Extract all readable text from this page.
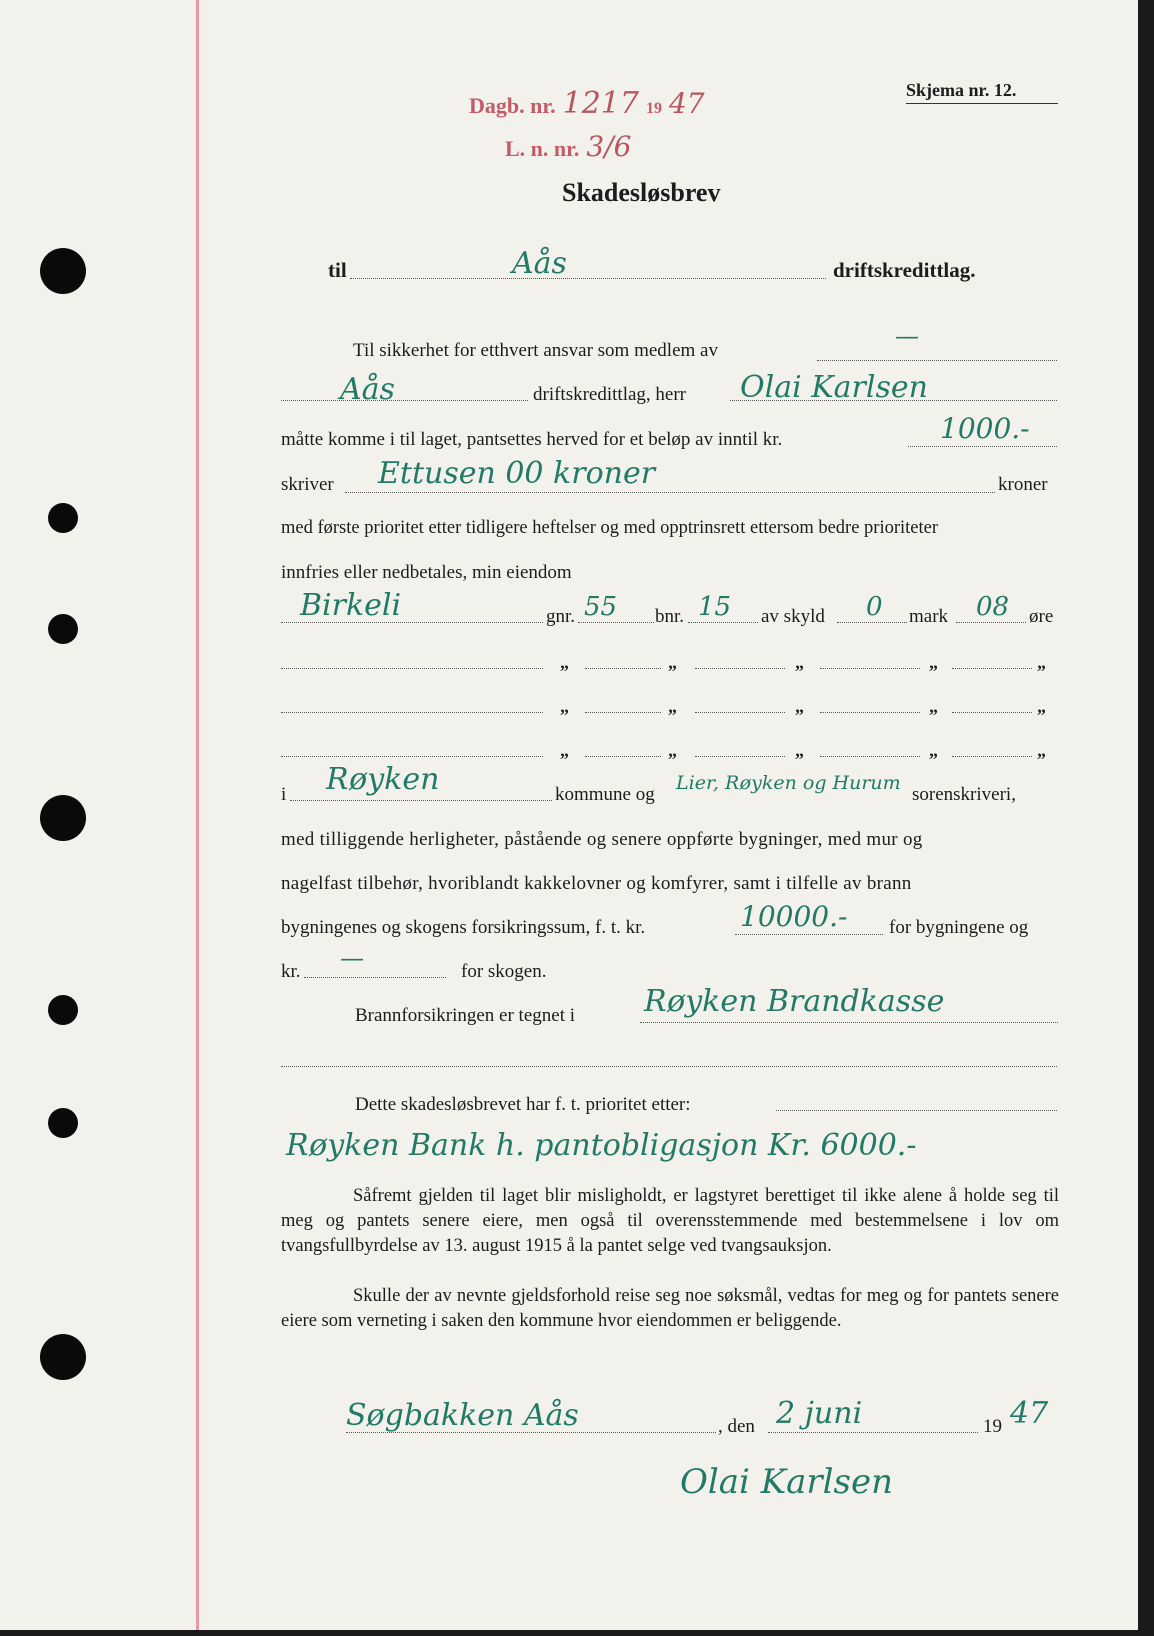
Dagb. nr. 1217 19 47
L. n. nr. 3/6
Skjema nr. 12.
Skadesløsbrev
til	Aås	driftskredittlag.
Til sikkerhet for etthvert ansvar som medlem av
—
Aås	driftskredittlag, herr Olai Karlsen
måtte komme i til laget, pantsettes herved for et beløp av inntil kr.	1000.-
skriver Ettusen 00 kroner	kroner
med første prioritet etter tidligere heftelser og med opptrinsrett ettersom bedre prioriteter
innfries eller nedbetales, min eiendom
Birkeli	gnr. 55 bnr. 15 av skyld 0 mark 08 øre
„	„	„	„	„
„	„	„	„	„
„	„	„	„	„
i Røyken	kommune og
Lier, Røyken og Hurum
sorenskriveri,
med tilliggende herligheter, påstående og senere oppførte bygninger, med mur og
nagelfast tilbehør, hvoriblandt kakkelovner og komfyrer, samt i tilfelle av brann
bygningenes og skogens forsikringssum, f. t. kr.	10000.- for bygningene og
kr. —	for skogen.
Brannforsikringen er tegnet i Røyken Brandkasse
Dette skadesløsbrevet har f. t. prioritet etter:
Røyken Bank h. pantobligasjon Kr. 6000.-
Såfremt gjelden til laget blir misligholdt, er lagstyret berettiget til ikke alene å holde seg til meg og pantets senere eiere, men også til overensstemmende med bestemmelsene i lov om tvangsfullbyrdelse av 13. august 1915 å la pantet selge ved tvangsauksjon.
Skulle der av nevnte gjeldsforhold reise seg noe søksmål, vedtas for meg og for pantets senere eiere som verneting i saken den kommune hvor eiendommen er beliggende.
Søgbakken Aås	, den 2 juni	19 47
Olai Karlsen
